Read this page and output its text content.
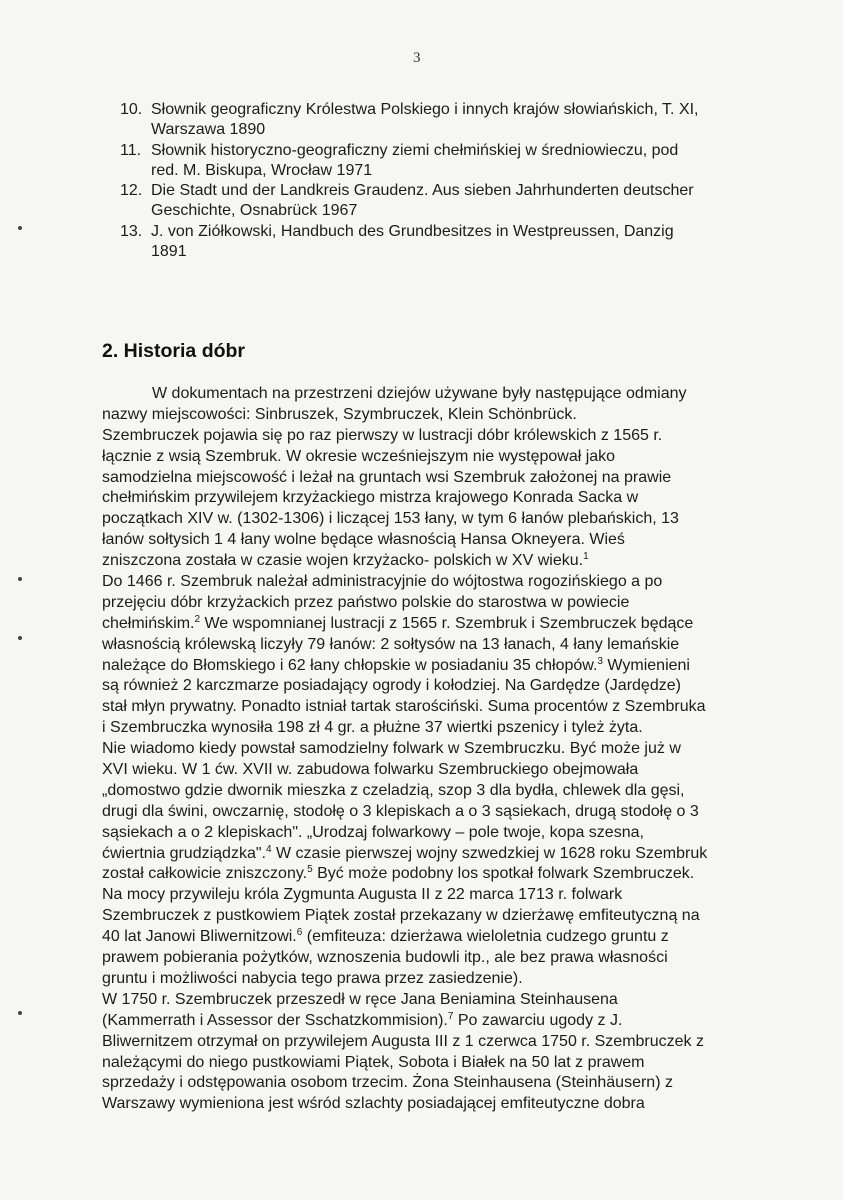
3
10. Słownik geograficzny Królestwa Polskiego i innych krajów słowiańskich, T. XI,
Warszawa 1890
11. Słownik historyczno-geograficzny ziemi chełmińskiej w średniowieczu, pod
red. M. Biskupa, Wrocław 1971
12. Die Stadt und der Landkreis Graudenz. Aus sieben Jahrhunderten deutscher
Geschichte, Osnabrück 1967
13. J. von Ziółkowski, Handbuch des Grundbesitzes in Westpreussen, Danzig
1891
2. Historia dóbr
W dokumentach na przestrzeni dziejów używane były następujące odmiany
nazwy miejscowości: Sinbruszek, Szymbruczek, Klein Schönbrück.
Szembruczek pojawia się po raz pierwszy w lustracji dóbr królewskich z 1565 r.
łącznie z wsią Szembruk. W okresie wcześniejszym nie występował jako
samodzielna miejscowość i leżał na gruntach wsi Szembruk założonej na prawie
chełmińskim przywilejem krzyżackiego mistrza krajowego Konrada Sacka w
początkach XIV w. (1302-1306) i liczącej 153 łany, w tym 6 łanów plebańskich, 13
łanów sołtysich 1 4 łany wolne będące własnością Hansa Okneyera. Wieś
zniszczona została w czasie wojen krzyżacko- polskich w XV wieku.$^1$
Do 1466 r. Szembruk należał administracyjnie do wójtostwa rogozińskiego a po
przejęciu dóbr krzyżackich przez państwo polskie do starostwa w powiecie
chełmińskim.$^2$ We wspomnianej lustracji z 1565 r. Szembruk i Szembruczek będące
własnością królewską liczyły 79 łanów: 2 sołtysów na 13 łanach, 4 łany lemańskie
należące do Błomskiego i 62 łany chłopskie w posiadaniu 35 chłopów.$^3$ Wymienieni
są również 2 karczmarze posiadający ogrody i kołodziej. Na Gardędze (Jardędze)
stał młyn prywatny. Ponadto istniał tartak starościński. Suma procentów z Szembruka
i Szembruczka wynosiła 198 zł 4 gr. a płużne 37 wiertki pszenicy i tyleż żyta.
Nie wiadomo kiedy powstał samodzielny folwark w Szembruczku. Być może już w
XVI wieku. W 1 ćw. XVII w. zabudowa folwarku Szembruckiego obejmowała
„domostwo gdzie dwornik mieszka z czeladzią, szop 3 dla bydła, chlewek dla gęsi,
drugi dla świni, owczarnię, stodołę o 3 klepiskach a o 3 sąsiekach, drugą stodołę o 3
sąsiekach a o 2 klepiskach". „Urodzaj folwarkowy – pole twoje, kopa szesna,
ćwiertnia grudziądzka".$^4$ W czasie pierwszej wojny szwedzkiej w 1628 roku Szembruk
został całkowicie zniszczony.$^5$ Być może podobny los spotkał folwark Szembruczek.
Na mocy przywileju króla Zygmunta Augusta II z 22 marca 1713 r. folwark
Szembruczek z pustkowiem Piątek został przekazany w dzierżawę emfiteutyczną na
40 lat Janowi Bliwernitzowi.$^6$ (emfiteuza: dzierżawa wieloletnia cudzego gruntu z
prawem pobierania pożytków, wznoszenia budowli itp., ale bez prawa własności
gruntu i możliwości nabycia tego prawa przez zasiedzenie).
W 1750 r. Szembruczek przeszedł w ręce Jana Beniamina Steinhausena
(Kammerrath i Assessor der Sschatzkommision).$^7$ Po zawarciu ugody z J.
Bliwernitzem otrzymał on przywilejem Augusta III z 1 czerwca 1750 r. Szembruczek z
należącymi do niego pustkowiami Piątek, Sobota i Białek na 50 lat z prawem
sprzedaży i odstępowania osobom trzecim. Żona Steinhausena (Steinhäusern) z
Warszawy wymieniona jest wśród szlachty posiadającej emfiteutyczne dobra
